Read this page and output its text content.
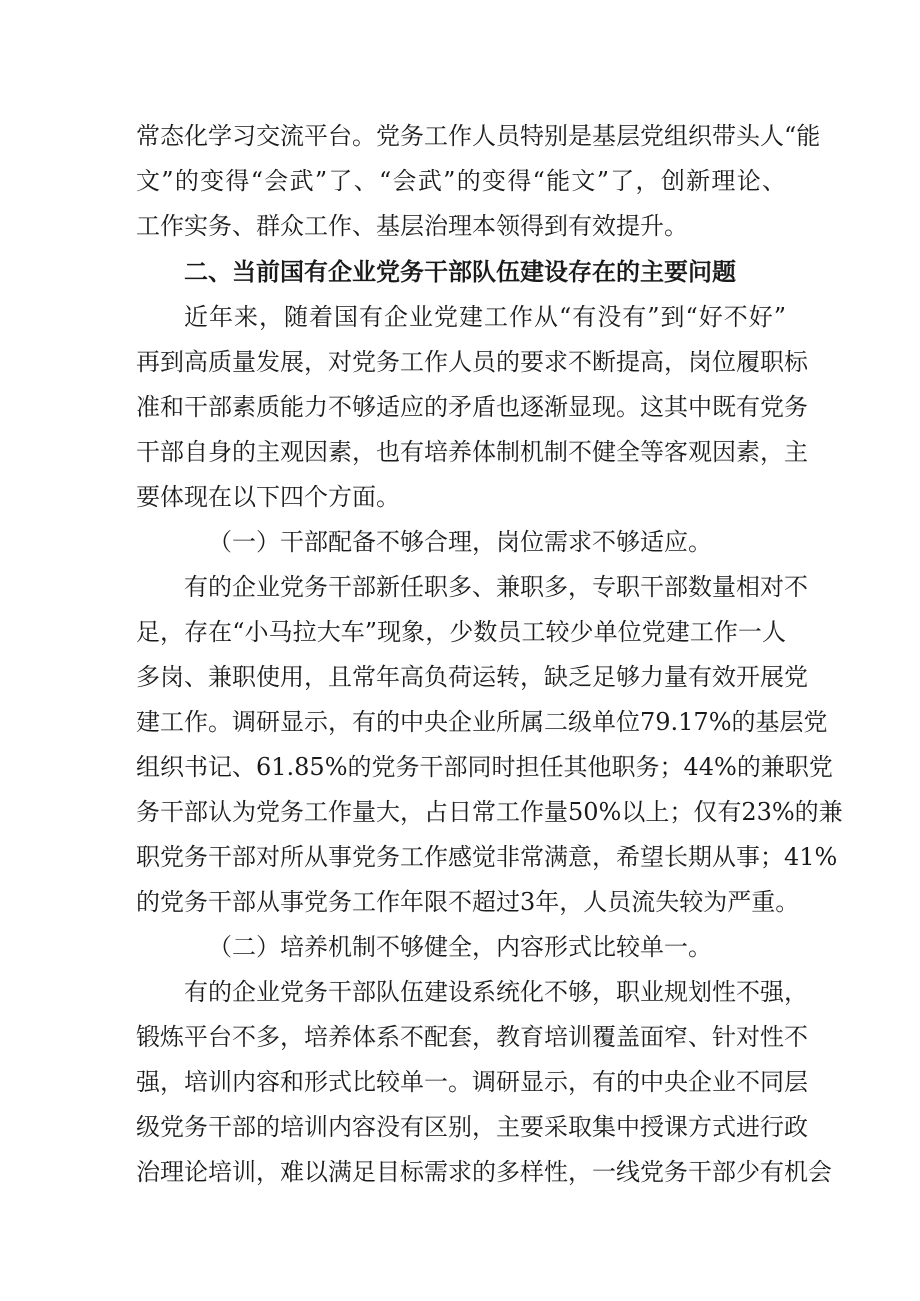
常态化学习交流平台。党务工作人员特别是基层党组织带头人“能
文”的变得“会武”了、“会武”的变得“能文”了，创新理论、
工作实务、群众工作、基层治理本领得到有效提升。
二、当前国有企业党务干部队伍建设存在的主要问题
近年来，随着国有企业党建工作从“有没有”到“好不好”
再到高质量发展，对党务工作人员的要求不断提高，岗位履职标
准和干部素质能力不够适应的矛盾也逐渐显现。这其中既有党务
干部自身的主观因素，也有培养体制机制不健全等客观因素，主
要体现在以下四个方面。
（一）干部配备不够合理，岗位需求不够适应。
有的企业党务干部新任职多、兼职多，专职干部数量相对不
足，存在“小马拉大车”现象，少数员工较少单位党建工作一人
多岗、兼职使用，且常年高负荷运转，缺乏足够力量有效开展党
建工作。调研显示，有的中央企业所属二级单位79.17%的基层党
组织书记、61.85%的党务干部同时担任其他职务；44%的兼职党
务干部认为党务工作量大，占日常工作量50%以上；仅有23%的兼
职党务干部对所从事党务工作感觉非常满意，希望长期从事；41%
的党务干部从事党务工作年限不超过3年，人员流失较为严重。
（二）培养机制不够健全，内容形式比较单一。
有的企业党务干部队伍建设系统化不够，职业规划性不强，
锻炼平台不多，培养体系不配套，教育培训覆盖面窄、针对性不
强，培训内容和形式比较单一。调研显示，有的中央企业不同层
级党务干部的培训内容没有区别，主要采取集中授课方式进行政
治理论培训，难以满足目标需求的多样性，一线党务干部少有机会
